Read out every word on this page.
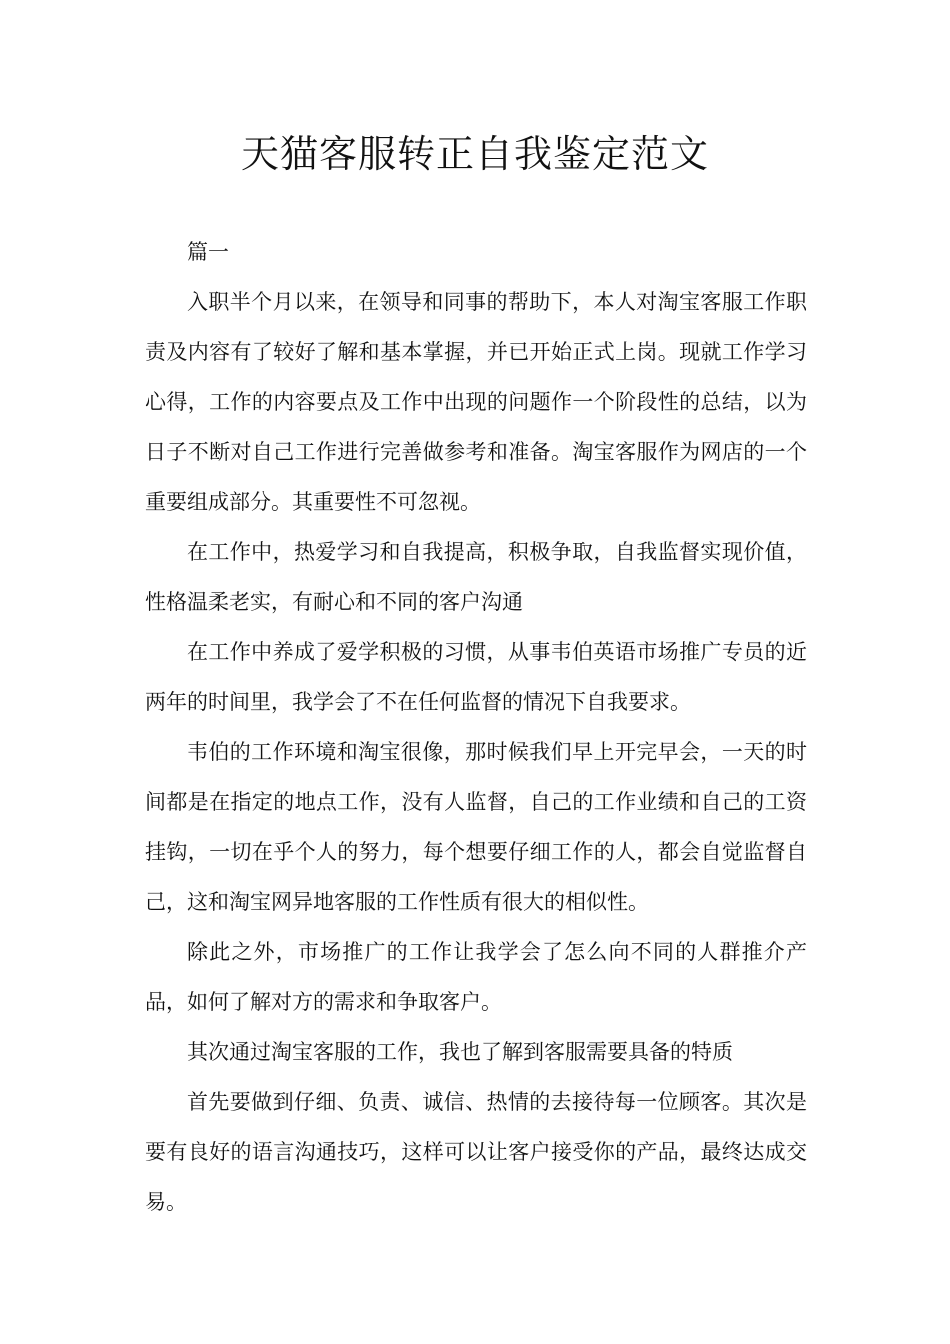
天猫客服转正自我鉴定范文

篇一

入职半个月以来，在领导和同事的帮助下，本人对淘宝客服工作职责及内容有了较好了解和基本掌握，并已开始正式上岗。现就工作学习心得，工作的内容要点及工作中出现的问题作一个阶段性的总结，以为日子不断对自己工作进行完善做参考和准备。淘宝客服作为网店的一个重要组成部分。其重要性不可忽视。

在工作中，热爱学习和自我提高，积极争取，自我监督实现价值，性格温柔老实，有耐心和不同的客户沟通

在工作中养成了爱学积极的习惯，从事韦伯英语市场推广专员的近两年的时间里，我学会了不在任何监督的情况下自我要求。

韦伯的工作环境和淘宝很像，那时候我们早上开完早会，一天的时间都是在指定的地点工作，没有人监督，自己的工作业绩和自己的工资挂钩，一切在乎个人的努力，每个想要仔细工作的人，都会自觉监督自己，这和淘宝网异地客服的工作性质有很大的相似性。

除此之外，市场推广的工作让我学会了怎么向不同的人群推介产品，如何了解对方的需求和争取客户。

其次通过淘宝客服的工作，我也了解到客服需要具备的特质

首先要做到仔细、负责、诚信、热情的去接待每一位顾客。其次是要有良好的语言沟通技巧，这样可以让客户接受你的产品，最终达成交易。
